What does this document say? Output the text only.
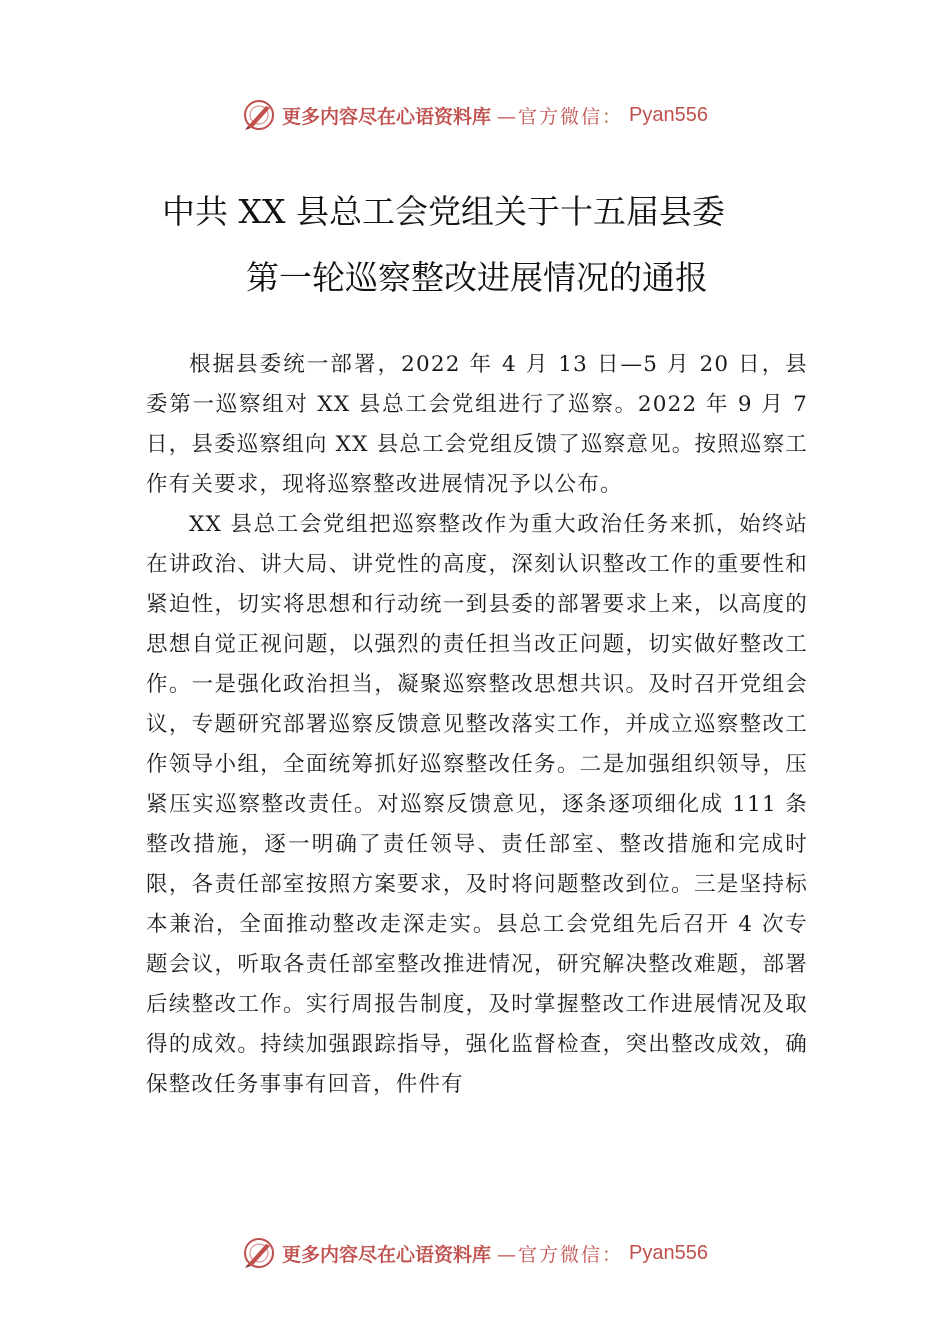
更多内容尽在心语资料库 —官方微信： Pyan556
中共 XX 县总工会党组关于十五届县委
第一轮巡察整改进展情况的通报

根据县委统一部署，2022 年 4 月 13 日—5 月 20 日，县委第一巡察组对 XX 县总工会党组进行了巡察。2022 年 9 月 7 日，县委巡察组向 XX 县总工会党组反馈了巡察意见。按照巡察工作有关要求，现将巡察整改进展情况予以公布。

XX 县总工会党组把巡察整改作为重大政治任务来抓，始终站在讲政治、讲大局、讲党性的高度，深刻认识整改工作的重要性和紧迫性，切实将思想和行动统一到县委的部署要求上来，以高度的思想自觉正视问题，以强烈的责任担当改正问题，切实做好整改工作。一是强化政治担当，凝聚巡察整改思想共识。及时召开党组会议，专题研究部署巡察反馈意见整改落实工作，并成立巡察整改工作领导小组，全面统筹抓好巡察整改任务。二是加强组织领导，压紧压实巡察整改责任。对巡察反馈意见，逐条逐项细化成 111 条整改措施，逐一明确了责任领导、责任部室、整改措施和完成时限，各责任部室按照方案要求，及时将问题整改到位。三是坚持标本兼治，全面推动整改走深走实。县总工会党组先后召开 4 次专题会议，听取各责任部室整改推进情况，研究解决整改难题，部署后续整改工作。实行周报告制度，及时掌握整改工作进展情况及取得的成效。持续加强跟踪指导，强化监督检查，突出整改成效，确保整改任务事事有回音，件件有

更多内容尽在心语资料库 —官方微信： Pyan556
